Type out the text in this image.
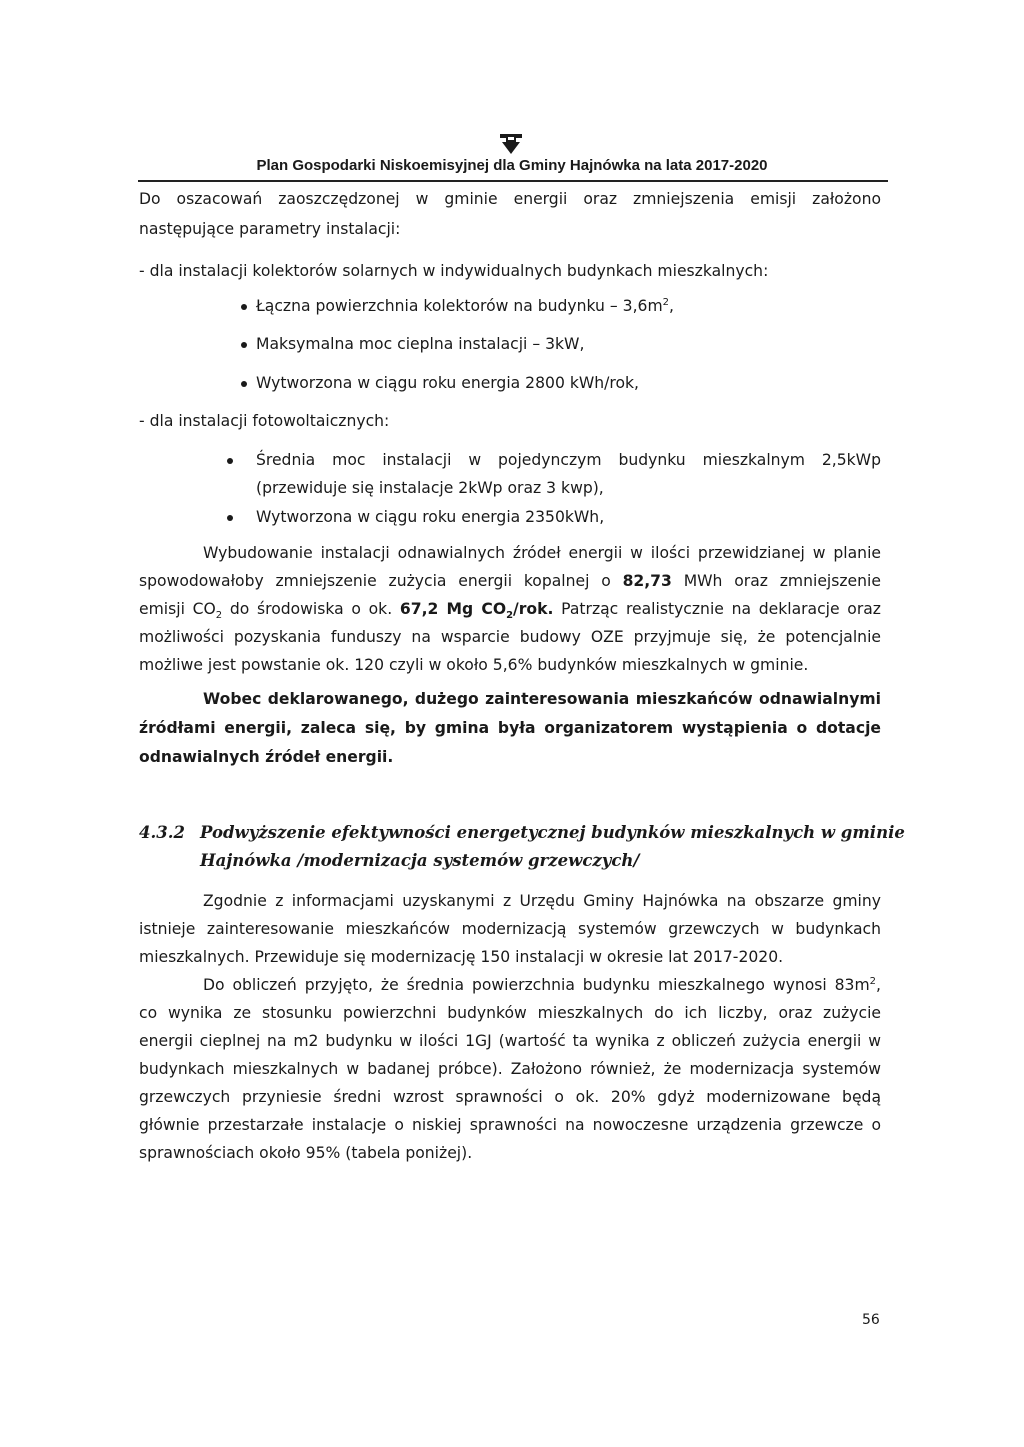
Plan Gospodarki Niskoemisyjnej dla Gminy Hajnówka na lata 2017-2020
Do oszacowań zaoszczędzonej w gminie energii oraz zmniejszenia emisji założono
następujące parametry instalacji:
- dla instalacji kolektorów solarnych w indywidualnych budynkach mieszkalnych:
Łączna powierzchnia kolektorów na budynku – $3,6m^2$,
Maksymalna moc cieplna instalacji – 3kW,
Wytworzona w ciągu roku energia 2800 kWh/rok,
- dla instalacji fotowoltaicznych:
Średnia moc instalacji w pojedynczym budynku mieszkalnym 2,5kWp
(przewiduje się instalacje 2kWp oraz 3 kwp),
Wytworzona w ciągu roku energia 2350kWh,
Wybudowanie instalacji odnawialnych źródeł energii w ilości przewidzianej w planie
spowodowałoby zmniejszenie zużycia energii kopalnej o 82,73 MWh oraz zmniejszenie
emisji $CO_2$ do środowiska o ok. 67,2 Mg $CO_2$/rok. Patrząc realistycznie na deklaracje oraz
możliwości pozyskania funduszy na wsparcie budowy OZE przyjmuje się, że potencjalnie
możliwe jest powstanie ok. 120 czyli w około 5,6% budynków mieszkalnych w gminie.
Wobec deklarowanego, dużego zainteresowania mieszkańców odnawialnymi
źródłami energii, zaleca się, by gmina była organizatorem wystąpienia o dotacje
odnawialnych źródeł energii.
4.3.2 Podwyższenie efektywności energetycznej budynków mieszkalnych w gminie
Hajnówka /modernizacja systemów grzewczych/
Zgodnie z informacjami uzyskanymi z Urzędu Gminy Hajnówka na obszarze gminy
istnieje zainteresowanie mieszkańców modernizacją systemów grzewczych w budynkach
mieszkalnych. Przewiduje się modernizację 150 instalacji w okresie lat 2017-2020.
Do obliczeń przyjęto, że średnia powierzchnia budynku mieszkalnego wynosi $83m^2$,
co wynika ze stosunku powierzchni budynków mieszkalnych do ich liczby, oraz zużycie
energii cieplnej na m2 budynku w ilości 1GJ (wartość ta wynika z obliczeń zużycia energii w
budynkach mieszkalnych w badanej próbce). Założono również, że modernizacja systemów
grzewczych przyniesie średni wzrost sprawności o ok. 20% gdyż modernizowane będą
głównie przestarzałe instalacje o niskiej sprawności na nowoczesne urządzenia grzewcze o
sprawnościach około 95% (tabela poniżej).
56
